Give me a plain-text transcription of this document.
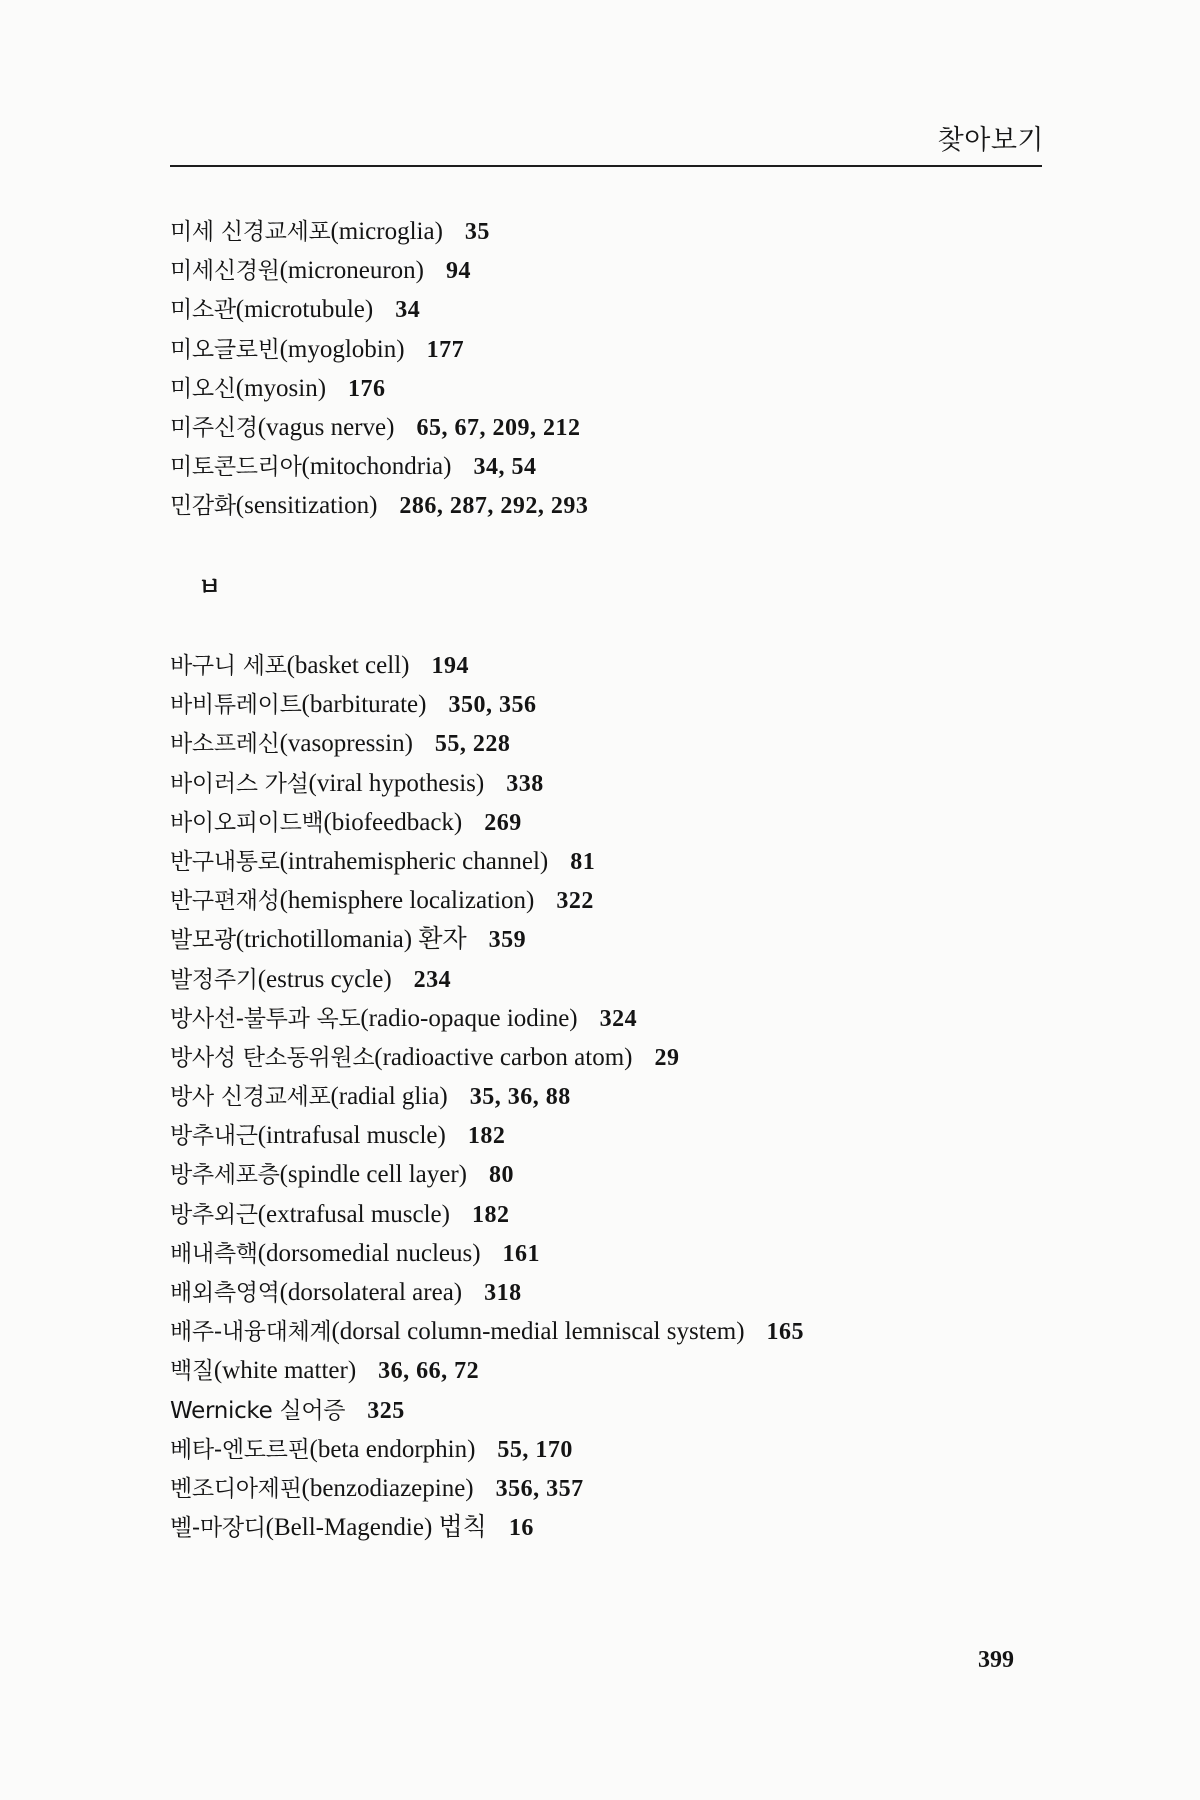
찾아보기
미세 신경교세포(microglia) 35
미세신경원(microneuron) 94
미소관(microtubule) 34
미오글로빈(myoglobin) 177
미오신(myosin) 176
미주신경(vagus nerve) 65, 67, 209, 212
미토콘드리아(mitochondria) 34, 54
민감화(sensitization) 286, 287, 292, 293
ㅂ
바구니 세포(basket cell) 194
바비튜레이트(barbiturate) 350, 356
바소프레신(vasopressin) 55, 228
바이러스 가설(viral hypothesis) 338
바이오피이드백(biofeedback) 269
반구내통로(intrahemispheric channel) 81
반구편재성(hemisphere localization) 322
발모광(trichotillomania) 환자 359
발정주기(estrus cycle) 234
방사선-불투과 옥도(radio-opaque iodine) 324
방사성 탄소동위원소(radioactive carbon atom) 29
방사 신경교세포(radial glia) 35, 36, 88
방추내근(intrafusal muscle) 182
방추세포층(spindle cell layer) 80
방추외근(extrafusal muscle) 182
배내측핵(dorsomedial nucleus) 161
배외측영역(dorsolateral area) 318
배주-내융대체계(dorsal column-medial lemniscal system) 165
백질(white matter) 36, 66, 72
Wernicke 실어증 325
베타-엔도르핀(beta endorphin) 55, 170
벤조디아제핀(benzodiazepine) 356, 357
벨-마장디(Bell-Magendie) 법칙 16
399
